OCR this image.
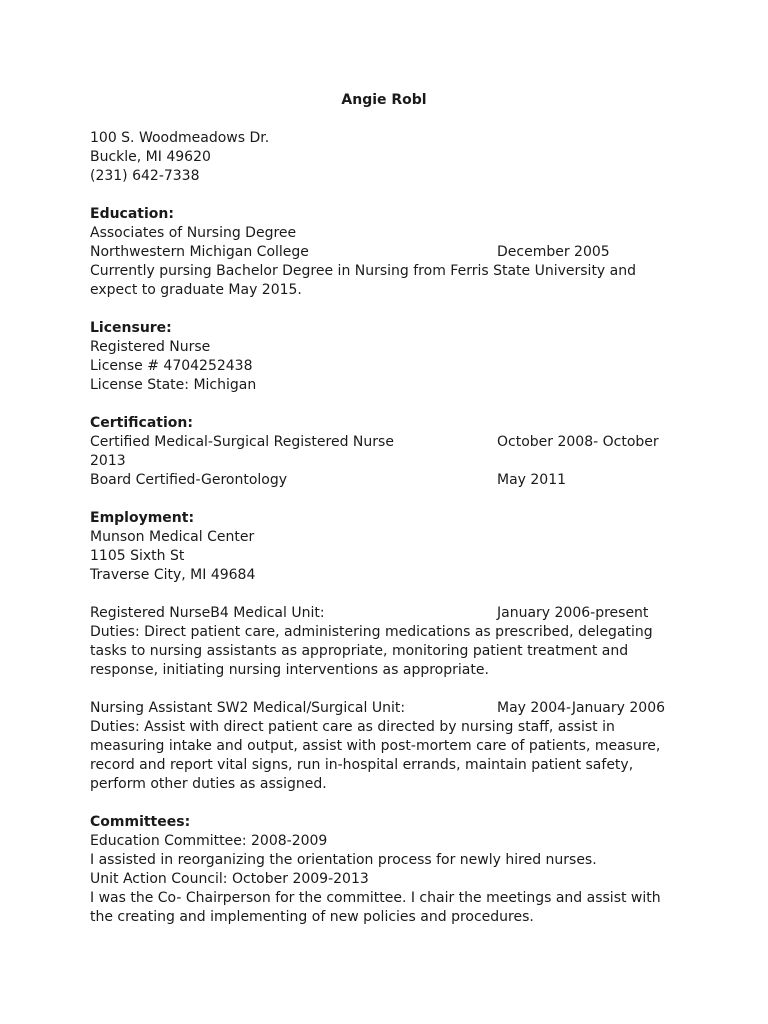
Angie Robl
100 S. Woodmeadows Dr.
Buckle, MI 49620
(231) 642-7338
Education:
Associates of Nursing Degree
Northwestern Michigan College	December 2005
Currently pursing Bachelor Degree in Nursing from Ferris State University and
expect to graduate May 2015.
Licensure:
Registered Nurse
License # 4704252438
License State: Michigan
Certification:
Certified Medical-Surgical Registered Nurse	October 2008- October
2013
Board Certified-Gerontology	May 2011
Employment:
Munson Medical Center
1105 Sixth St
Traverse City, MI 49684
Registered NurseB4 Medical Unit:	January 2006-present
Duties: Direct patient care, administering medications as prescribed, delegating
tasks to nursing assistants as appropriate, monitoring patient treatment and
response, initiating nursing interventions as appropriate.
Nursing Assistant SW2 Medical/Surgical Unit:	May 2004-January 2006
Duties: Assist with direct patient care as directed by nursing staff, assist in
measuring intake and output, assist with post-mortem care of patients, measure,
record and report vital signs, run in-hospital errands, maintain patient safety,
perform other duties as assigned.
Committees:
Education Committee: 2008-2009
I assisted in reorganizing the orientation process for newly hired nurses.
Unit Action Council: October 2009-2013
I was the Co- Chairperson for the committee. I chair the meetings and assist with
the creating and implementing of new policies and procedures.
